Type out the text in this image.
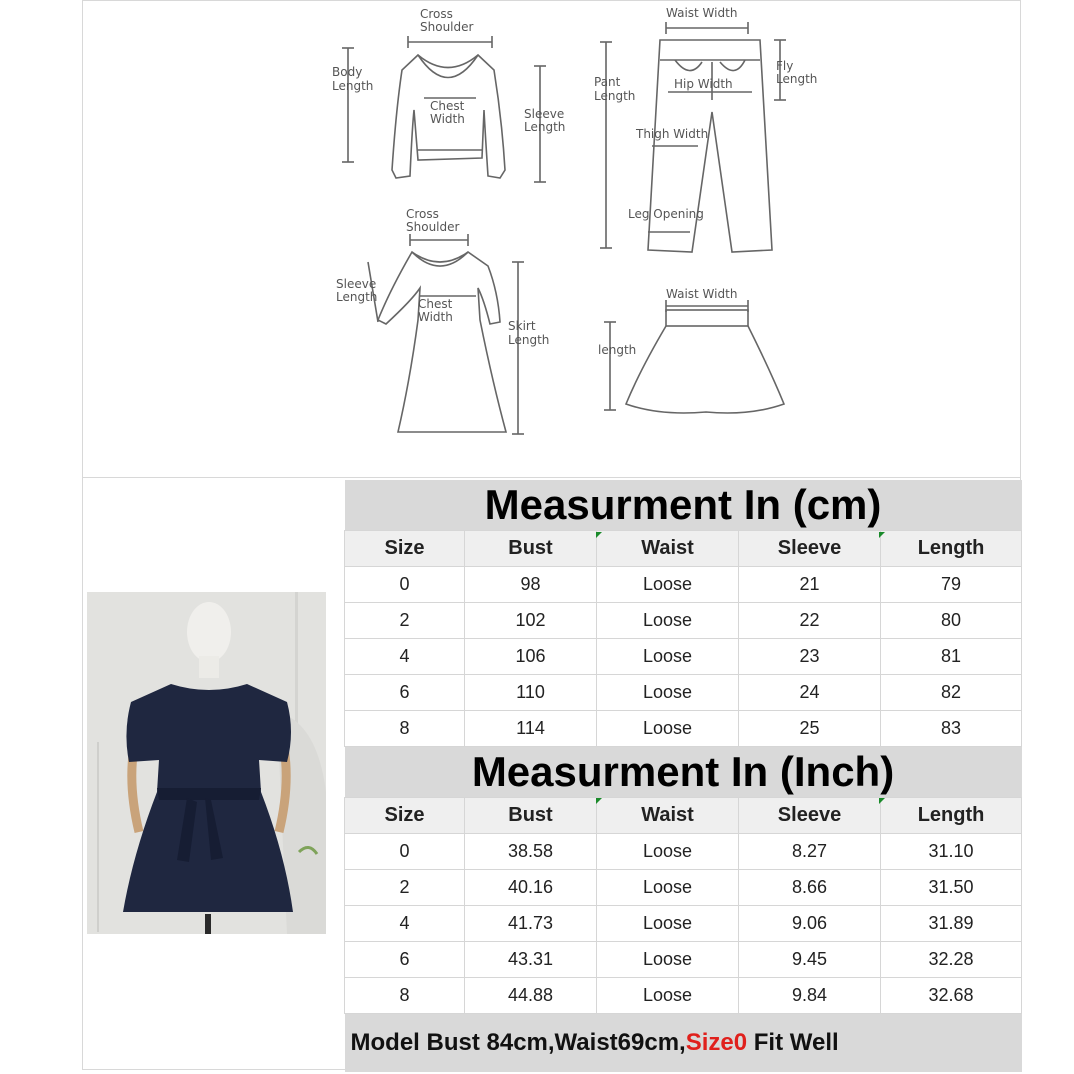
Cross
Shoulder
Body
Length
Chest
Width	Sleeve
Length
Waist Width
Pant
Length
Hip Width
Fly
Length
Thigh Width
Leg Opening
Cross
Shoulder
Sleeve
Length	Chest
Width
Skirt
Length
Waist Width
length
Measurment In (cm)				
Size	Bust	Waist	Sleeve	Length
0	98	Loose	21	79
2	102	Loose	22	80
4	106	Loose	23	81
6	110	Loose	24	82
8	114	Loose	25	83
Measurment In (Inch)				
Size	Bust	Waist	Sleeve	Length
0	38.58	Loose	8.27	31.10
2	40.16	Loose	8.66	31.50
4	41.73	Loose	9.06	31.89
6	43.31	Loose	9.45	32.28
8	44.88	Loose	9.84	32.68
Model Bust 84cm,Waist69cm,Size0 Fit Well				
